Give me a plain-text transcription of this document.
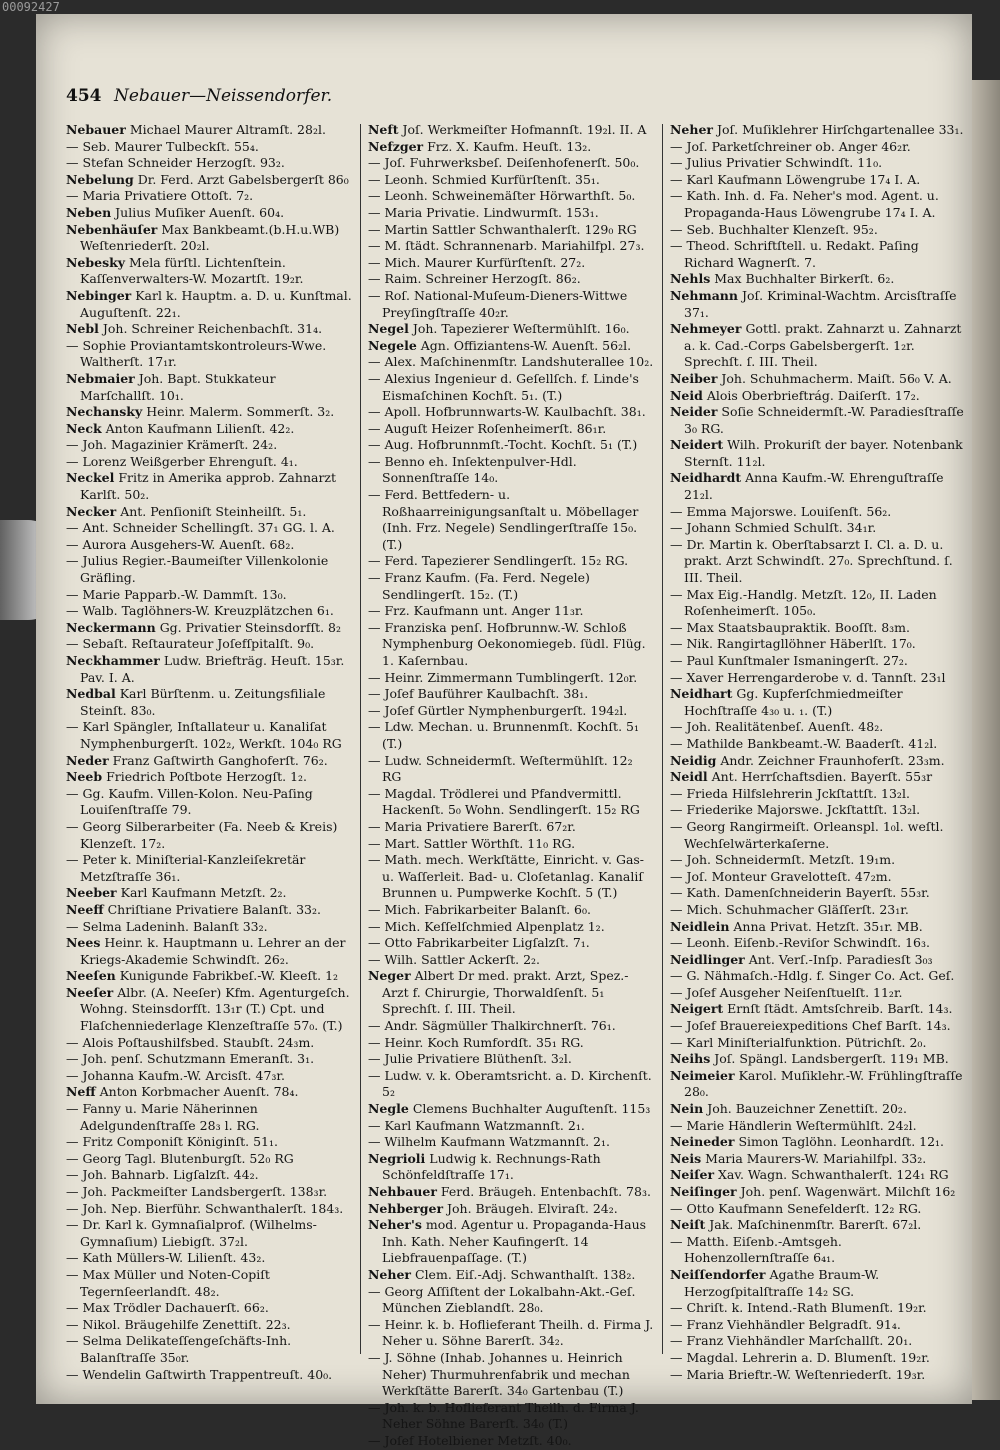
00092427
454 Nebauer—Neissendorfer.
Nebauer Michael Maurer Altramſt. 28₂l.
— Seb. Maurer Tulbeckſt. 55₄.
— Stefan Schneider Herzogſt. 93₂.
Nebelung Dr. Ferd. Arzt Gabelsbergerſt 86₀
— Maria Privatiere Ottoſt. 7₂.
Neben Julius Muſiker Auenſt. 60₄.
Nebenhäuſer Max Bankbeamt.(b.H.u.WB) Weſtenriederſt. 20₂l.
Nebesky Mela fürſtl. Lichtenſtein. Kaſſenverwalters-W. Mozartſt. 19₂r.
Nebinger Karl k. Hauptm. a. D. u. Kunſtmal. Auguſtenſt. 22₁.
Nebl Joh. Schreiner Reichenbachſt. 31₄.
— Sophie Proviantamtskontroleurs-Wwe. Waltherſt. 17₁r.
Nebmaier Joh. Bapt. Stukkateur Marſchallſt. 10₁.
Nechansky Heinr. Malerm. Sommerſt. 3₂.
Neck Anton Kaufmann Lilienſt. 42₂.
— Joh. Magazinier Krämerſt. 24₂.
— Lorenz Weißgerber Ehrenguſt. 4₁.
Neckel Fritz in Amerika approb. Zahnarzt Karlſt. 50₂.
Necker Ant. Penſioniſt Steinheilſt. 5₁.
— Ant. Schneider Schellingſt. 37₁ GG. l. A.
— Aurora Ausgehers-W. Auenſt. 68₂.
— Julius Regier.-Baumeiſter Villenkolonie Gräfling.
— Marie Papparb.-W. Dammſt. 13₀.
— Walb. Taglöhners-W. Kreuzplätzchen 6₁.
Neckermann Gg. Privatier Steinsdorfſt. 8₂
— Sebaſt. Reſtaurateur Joſefſpitalſt. 9₀.
Neckhammer Ludw. Briefträg. Heuſt. 15₃r. Pav. I. A.
Nedbal Karl Bürſtenm. u. Zeitungsfiliale Steinſt. 83₀.
— Karl Spängler, Inſtallateur u. Kanaliſat Nymphenburgerſt. 102₂, Werkſt. 104₀ RG
Neder Franz Gaſtwirth Ganghoferſt. 76₂.
Neeb Friedrich Poſtbote Herzogſt. 1₂.
— Gg. Kaufm. Villen-Kolon. Neu-Paſing Louiſenſtraſſe 79.
— Georg Silberarbeiter (Fa. Neeb & Kreis) Klenzeſt. 17₂.
— Peter k. Miniſterial-Kanzleiſekretär Metzſtraſſe 36₁.
Neeber Karl Kaufmann Metzſt. 2₂.
Neeff Chriſtiane Privatiere Balanſt. 33₂.
— Selma Ladeninh. Balanſt 33₂.
Nees Heinr. k. Hauptmann u. Lehrer an der Kriegs-Akademie Schwindſt. 26₂.
Neeſen Kunigunde Fabrikbeſ.-W. Kleeſt. 1₂
Neeſer Albr. (A. Neeſer) Kfm. Agenturgeſch. Wohng. Steinsdorfſt. 13₁r (T.) Cpt. und Flaſchenniederlage Klenzeſtraſſe 57₀. (T.)
— Alois Poſtaushilfsbed. Staubſt. 24₃m.
— Joh. penſ. Schutzmann Emeranſt. 3₁.
— Johanna Kaufm.-W. Arcisſt. 47₃r.
Neff Anton Korbmacher Auenſt. 78₄.
— Fanny u. Marie Näherinnen Adelgundenſtraſſe 28₃ l. RG.
— Fritz Componiſt Königinſt. 51₁.
— Georg Tagl. Blutenburgſt. 52₀ RG
— Joh. Bahnarb. Ligſalzſt. 44₂.
— Joh. Packmeiſter Landsbergerſt. 138₃r.
— Joh. Nep. Bierführ. Schwanthalerſt. 184₃.
— Dr. Karl k. Gymnaſialprof. (Wilhelms-Gymnaſium) Liebigſt. 37₂l.
— Kath Müllers-W. Lilienſt. 43₂.
— Max Müller und Noten-Copiſt Tegernſeerlandſt. 48₂.
— Max Trödler Dachauerſt. 66₂.
— Nikol. Bräugehilfe Zenettiſt. 22₃.
— Selma Delikateſſengeſchäfts-Inh. Balanſtraſſe 35₀r.
— Wendelin Gaſtwirth Trappentreuſt. 40₀.
Neft Joſ. Werkmeiſter Hofmannſt. 19₂l. II. A
Nefzger Frz. X. Kaufm. Heuſt. 13₂.
— Joſ. Fuhrwerksbeſ. Deiſenhofenerſt. 50₀.
— Leonh. Schmied Kurfürſtenſt. 35₁.
— Leonh. Schweinemäſter Hörwarthſt. 5₀.
— Maria Privatie. Lindwurmſt. 153₁.
— Martin Sattler Schwanthalerſt. 129₀ RG
— M. ſtädt. Schrannenarb. Mariahilfpl. 27₃.
— Mich. Maurer Kurfürſtenſt. 27₂.
— Raim. Schreiner Herzogſt. 86₂.
— Roſ. National-Muſeum-Dieners-Wittwe Preyſingſtraſſe 40₂r.
Negel Joh. Tapezierer Weſtermühlſt. 16₀.
Negele Agn. Offiziantens-W. Auenſt. 56₂l.
— Alex. Maſchinenmſtr. Landshuterallee 10₂.
— Alexius Ingenieur d. Geſellſch. f. Linde's Eismaſchinen Kochſt. 5₁. (T.)
— Apoll. Hofbrunnwarts-W. Kaulbachſt. 38₁.
— Auguſt Heizer Roſenheimerſt. 86₁r.
— Aug. Hofbrunnmſt.-Tocht. Kochſt. 5₁ (T.)
— Benno eh. Inſektenpulver-Hdl. Sonnenſtraſſe 14₀.
— Ferd. Bettfedern- u. Roßhaarreinigungsanſtalt u. Möbellager (Inh. Frz. Negele) Sendlingerſtraſſe 15₀. (T.)
— Ferd. Tapezierer Sendlingerſt. 15₂ RG.
— Franz Kaufm. (Fa. Ferd. Negele) Sendlingerſt. 15₂. (T.)
— Frz. Kaufmann unt. Anger 11₃r.
— Franziska penſ. Hofbrunnw.-W. Schloß Nymphenburg Oekonomiegeb. ſüdl. Flüg. 1. Kaſernbau.
— Heinr. Zimmermann Tumblingerſt. 12₀r.
— Joſef Bauführer Kaulbachſt. 38₁.
— Joſef Gürtler Nymphenburgerſt. 194₂l.
— Ldw. Mechan. u. Brunnenmſt. Kochſt. 5₁ (T.)
— Ludw. Schneidermſt. Weſtermühlſt. 12₂ RG
— Magdal. Trödlerei und Pfandvermittl. Hackenſt. 5₀ Wohn. Sendlingerſt. 15₂ RG
— Maria Privatiere Barerſt. 67₂r.
— Mart. Sattler Wörthſt. 11₀ RG.
— Math. mech. Werkſtätte, Einricht. v. Gas- u. Waſſerleit. Bad- u. Cloſetanlag. Kanaliſ Brunnen u. Pumpwerke Kochſt. 5 (T.)
— Mich. Fabrikarbeiter Balanſt. 6₀.
— Mich. Keſſelſchmied Alpenplatz 1₂.
— Otto Fabrikarbeiter Ligſalzſt. 7₁.
— Wilh. Sattler Ackerſt. 2₂.
Neger Albert Dr med. prakt. Arzt, Spez.-Arzt f. Chirurgie, Thorwaldſenſt. 5₁ Sprechſt. ſ. III. Theil.
— Andr. Sägmüller Thalkirchnerſt. 76₁.
— Heinr. Koch Rumfordſt. 35₁ RG.
— Julie Privatiere Blüthenſt. 3₂l.
— Ludw. v. k. Oberamtsricht. a. D. Kirchenſt. 5₂
Negle Clemens Buchhalter Auguſtenſt. 115₃
— Karl Kaufmann Watzmannſt. 2₁.
— Wilhelm Kaufmann Watzmannſt. 2₁.
Negrioli Ludwig k. Rechnungs-Rath Schönfeldſtraſſe 17₁.
Nehbauer Ferd. Bräugeh. Entenbachſt. 78₃.
Nehberger Joh. Bräugeh. Elviraſt. 24₂.
Neher's mod. Agentur u. Propaganda-Haus Inh. Kath. Neher Kaufingerſt. 14 Liebfrauenpaſſage. (T.)
Neher Clem. Eiſ.-Adj. Schwanthalſt. 138₂.
— Georg Aſſiſtent der Lokalbahn-Akt.-Geſ. München Zieblandſt. 28₀.
— Heinr. k. b. Hoflieferant Theilh. d. Firma J. Neher u. Söhne Barerſt. 34₂.
— J. Söhne (Inhab. Johannes u. Heinrich Neher) Thurmuhrenfabrik und mechan Werkſtätte Barerſt. 34₀ Gartenbau (T.)
— Joh. k. b. Hoflieferant Theilh. d. Firma J. Neher Söhne Barerſt. 34₀ (T.)
— Joſef Hotelbiener Metzſt. 40₀.
Neher Joſ. Muſiklehrer Hirſchgartenallee 33₁.
— Joſ. Parketſchreiner ob. Anger 46₂r.
— Julius Privatier Schwindſt. 11₀.
— Karl Kaufmann Löwengrube 17₄ I. A.
— Kath. Inh. d. Fa. Neher's mod. Agent. u. Propaganda-Haus Löwengrube 17₄ I. A.
— Seb. Buchhalter Klenzeſt. 95₂.
— Theod. Schriftſtell. u. Redakt. Paſing Richard Wagnerſt. 7.
Nehls Max Buchhalter Birkerſt. 6₂.
Nehmann Joſ. Kriminal-Wachtm. Arcisſtraſſe 37₁.
Nehmeyer Gottl. prakt. Zahnarzt u. Zahnarzt a. k. Cad.-Corps Gabelsbergerſt. 1₂r. Sprechſt. ſ. III. Theil.
Neiber Joh. Schuhmacherm. Maiſt. 56₀ V. A.
Neid Alois Oberbrieftrág. Daiſerſt. 17₂.
Neider Soſie Schneidermſt.-W. Paradiesſtraſſe 3₀ RG.
Neidert Wilh. Prokuriſt der bayer. Notenbank Sternſt. 11₂l.
Neidhardt Anna Kaufm.-W. Ehrenguſtraſſe 21₂l.
— Emma Majorswe. Louiſenſt. 56₂.
— Johann Schmied Schulſt. 34₁r.
— Dr. Martin k. Oberſtabsarzt I. Cl. a. D. u. prakt. Arzt Schwindſt. 27₀. Sprechſtund. ſ. III. Theil.
— Max Eig.-Handlg. Metzſt. 12₀, II. Laden Roſenheimerſt. 105₀.
— Max Staatsbaupraktik. Booſſt. 8₃m.
— Nik. Rangirtagllöhner Häberlſt. 17₀.
— Paul Kunſtmaler Ismaningerſt. 27₂.
— Xaver Herrengarderobe v. d. Tannſt. 23₁l
Neidhart Gg. Kupferſchmiedmeiſter Hochſtraſſe 4₃₀ u. ₁. (T.)
— Joh. Realitätenbeſ. Auenſt. 48₂.
— Mathilde Bankbeamt.-W. Baaderſt. 41₂l.
Neidig Andr. Zeichner Fraunhoferſt. 23₃m.
Neidl Ant. Herrſchaftsdien. Bayerſt. 55₃r
— Frieda Hilfslehrerin Jckſtattſt. 13₂l.
— Friederike Majorswe. Jckſtattſt. 13₂l.
— Georg Rangirmeiſt. Orleanspl. 1₀l. weſtl. Wechſelwärterkaſerne.
— Joh. Schneidermſt. Metzſt. 19₁m.
— Joſ. Monteur Gravelotteſt. 47₂m.
— Kath. Damenſchneiderin Bayerſt. 55₃r.
— Mich. Schuhmacher Gläſſerſt. 23₁r.
Neidlein Anna Privat. Hetzſt. 35₁r. MB.
— Leonh. Eiſenb.-Reviſor Schwindſt. 16₃.
Neidlinger Ant. Verſ.-Inſp. Paradiesſt 3₀₃
— G. Nähmaſch.-Hdlg. f. Singer Co. Act. Geſ.
— Joſef Ausgeher Neiſenſtuelſt. 11₂r.
Neigert Ernſt ſtädt. Amtsſchreib. Barſt. 14₃.
— Joſef Brauereiexpeditions Chef Barſt. 14₃.
— Karl Miniſterialfunktion. Pütrichſt. 2₀.
Neihs Joſ. Spängl. Landsbergerſt. 119₁ MB.
Neimeier Karol. Muſiklehr.-W. Frühlingſtraſſe 28₀.
Nein Joh. Bauzeichner Zenettiſt. 20₂.
— Marie Händlerin Weſtermühlſt. 24₂l.
Neineder Simon Taglöhn. Leonhardſt. 12₁.
Neis Maria Maurers-W. Mariahilfpl. 33₂.
Neiſer Xav. Wagn. Schwanthalerſt. 124₁ RG
Neiſinger Joh. penſ. Wagenwärt. Milchſt 16₂
— Otto Kaufmann Senefelderſt. 12₂ RG.
Neiſt Jak. Maſchinenmſtr. Barerſt. 67₂l.
— Matth. Eiſenb.-Amtsgeh. Hohenzollernſtraſſe 6₄₁.
Neiſſendorfer Agathe Braum-W. Herzogſpitalſtraſſe 14₂ SG.
— Chriſt. k. Intend.-Rath Blumenſt. 19₂r.
— Franz Viehhändler Belgradſt. 91₄.
— Franz Viehhändler Marſchallſt. 20₁.
— Magdal. Lehrerin a. D. Blumenſt. 19₂r.
— Maria Brieftr.-W. Weſtenriederſt. 19₃r.
